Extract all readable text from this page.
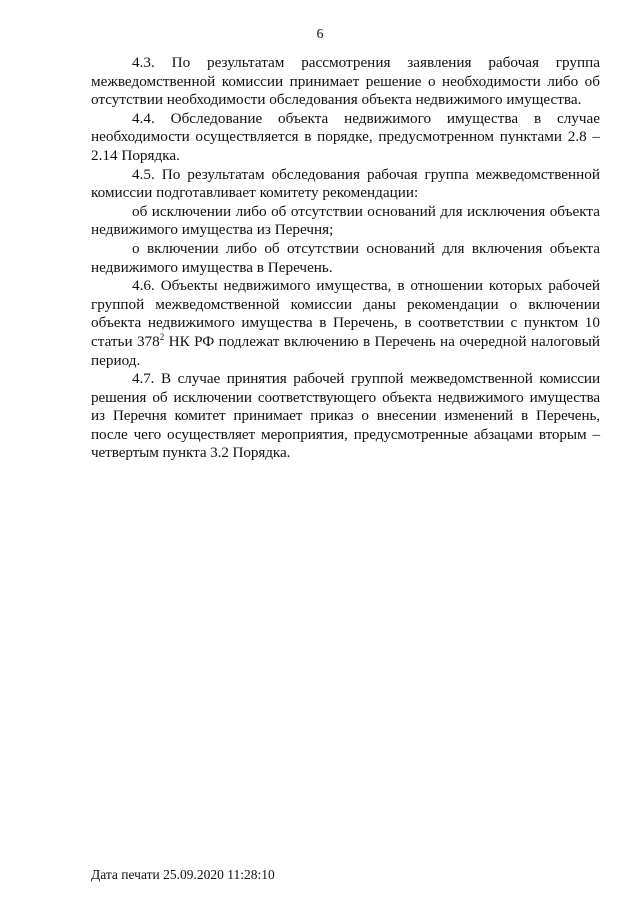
6

4.3. По результатам рассмотрения заявления рабочая группа межведомственной комиссии принимает решение о необходимости либо об отсутствии необходимости обследования объекта недвижимого имущества.

4.4. Обследование объекта недвижимого имущества в случае необходимости осуществляется в порядке, предусмотренном пунктами 2.8 – 2.14 Порядка.

4.5. По результатам обследования рабочая группа межведомственной комиссии подготавливает комитету рекомендации:

об исключении либо об отсутствии оснований для исключения объекта недвижимого имущества из Перечня;

о включении либо об отсутствии оснований для включения объекта недвижимого имущества в Перечень.

4.6. Объекты недвижимого имущества, в отношении которых рабочей группой межведомственной комиссии даны рекомендации о включении объекта недвижимого имущества в Перечень, в соответствии с пунктом 10 статьи $378^2$ НК РФ подлежат включению в Перечень на очередной налоговый период.

4.7. В случае принятия рабочей группой межведомственной комиссии решения об исключении соответствующего объекта недвижимого имущества из Перечня комитет принимает приказ о внесении изменений в Перечень, после чего осуществляет мероприятия, предусмотренные абзацами вторым – четвертым пункта 3.2 Порядка.

Дата печати 25.09.2020 11:28:10
